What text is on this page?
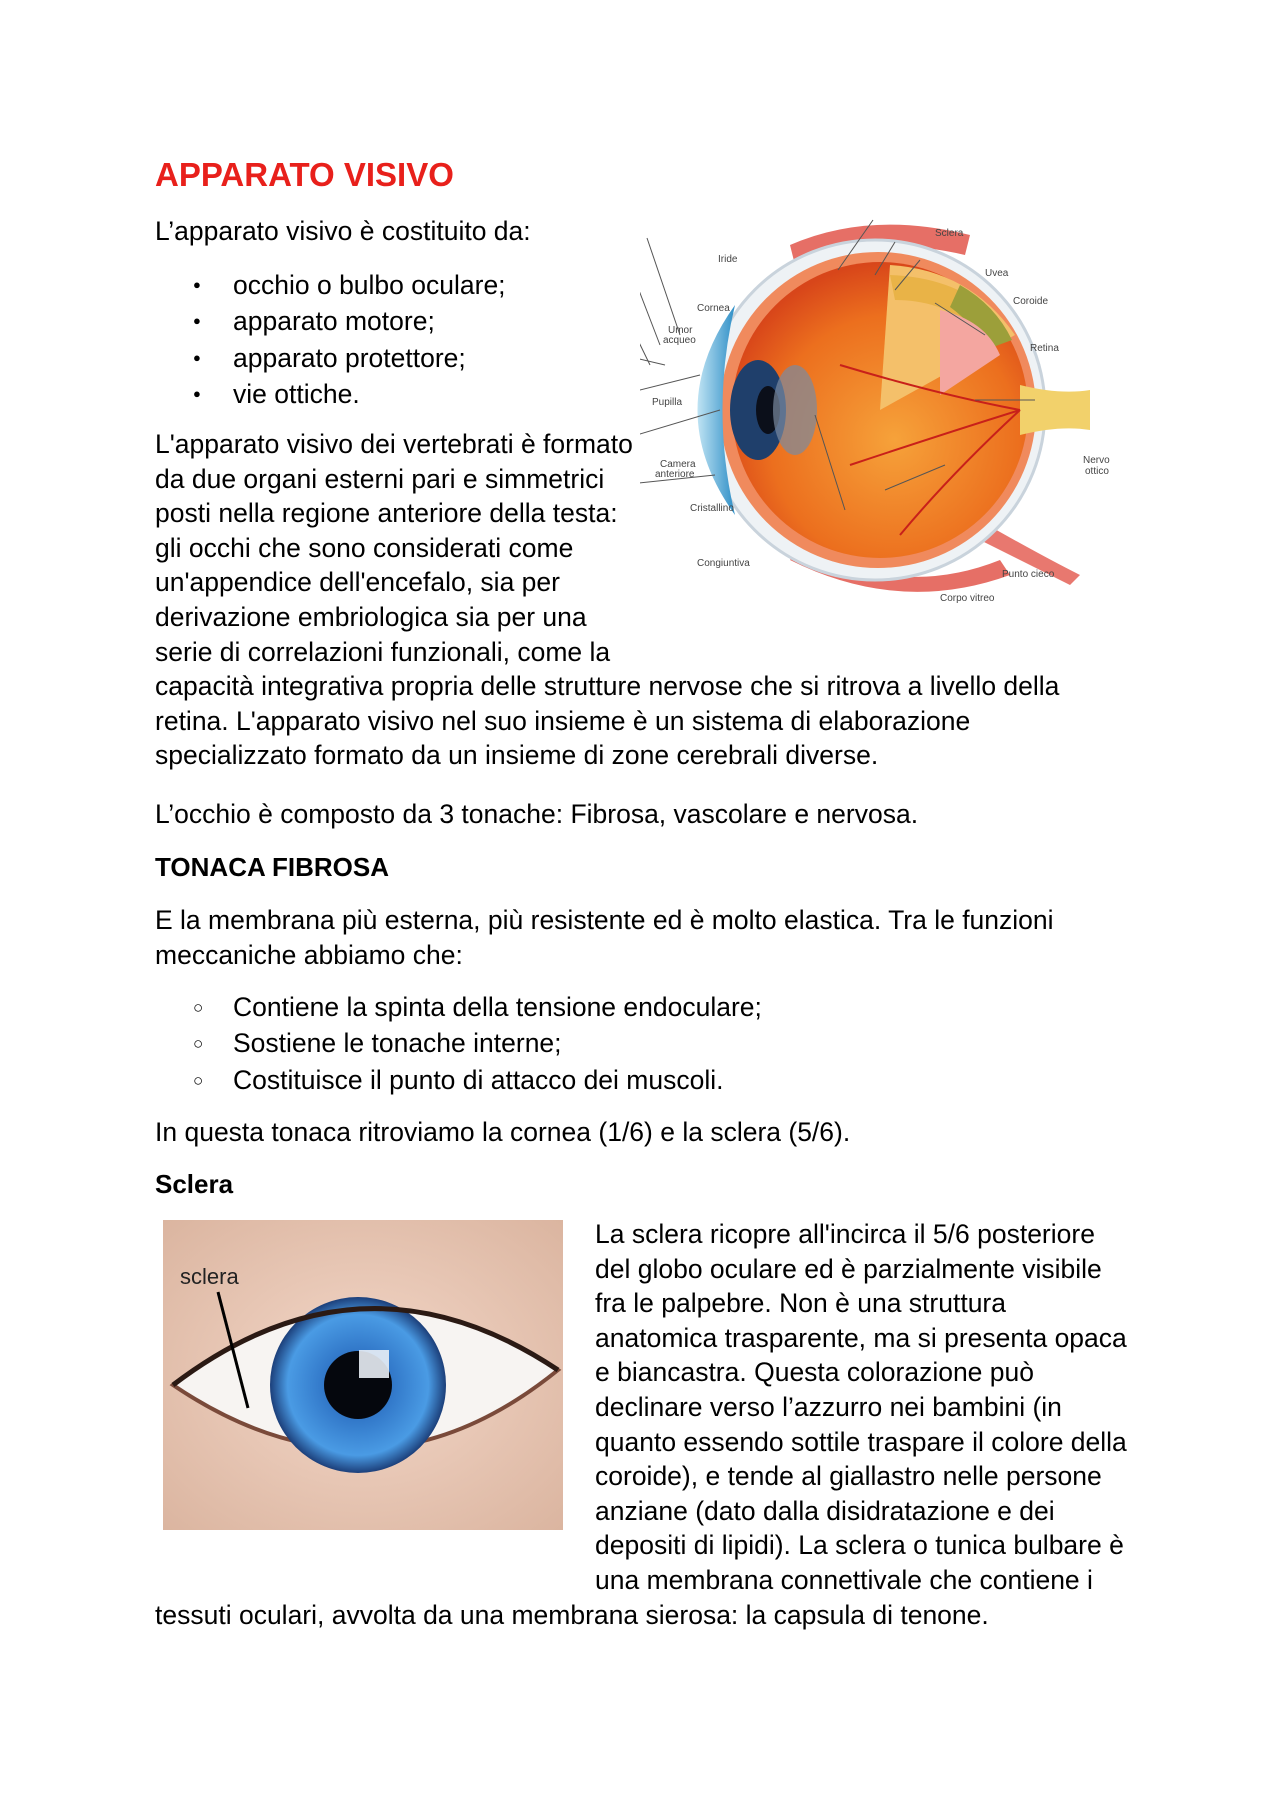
APPARATO VISIVO

L’apparato visivo è costituito da:

● occhio o bulbo oculare;
● apparato motore;
● apparato protettore;
● vie ottiche.
Sclera
Iride
Uvea
Cornea
Coroide
Umor
acqueo
Retina
Pupilla
Camera
anteriore
Nervo
ottico
Cristallino
Congiuntiva
Punto cieco
Corpo vitreo

L'apparato visivo dei vertebrati è formato da due organi esterni pari e simmetrici posti nella regione anteriore della testa: gli occhi che sono considerati come un'appendice dell'encefalo, sia per derivazione embriologica sia per una serie di correlazioni funzionali, come la capacità integrativa propria delle strutture nervose che si ritrova a livello della retina. L'apparato visivo nel suo insieme è un sistema di elaborazione specializzato formato da un insieme di zone cerebrali diverse.

L’occhio è composto da 3 tonache: Fibrosa, vascolare e nervosa.

TONACA FIBROSA

E la membrana più esterna, più resistente ed è molto elastica. Tra le funzioni meccaniche abbiamo che:

○ Contiene la spinta della tensione endoculare;
○ Sostiene le tonache interne;
○ Costituisce il punto di attacco dei muscoli.

In questa tonaca ritroviamo la cornea (1/6) e la sclera (5/6).

Sclera
sclera

La sclera ricopre all'incirca il 5/6 posteriore del globo oculare ed è parzialmente visibile fra le palpebre. Non è una struttura anatomica trasparente, ma si presenta opaca e biancastra. Questa colorazione può declinare verso l’azzurro nei bambini (in quanto essendo sottile traspare il colore della coroide), e tende al giallastro nelle persone anziane (dato dalla disidratazione e dei depositi di lipidi). La sclera o tunica bulbare è una membrana connettivale che contiene i tessuti oculari, avvolta da una membrana sierosa: la capsula di tenone.
